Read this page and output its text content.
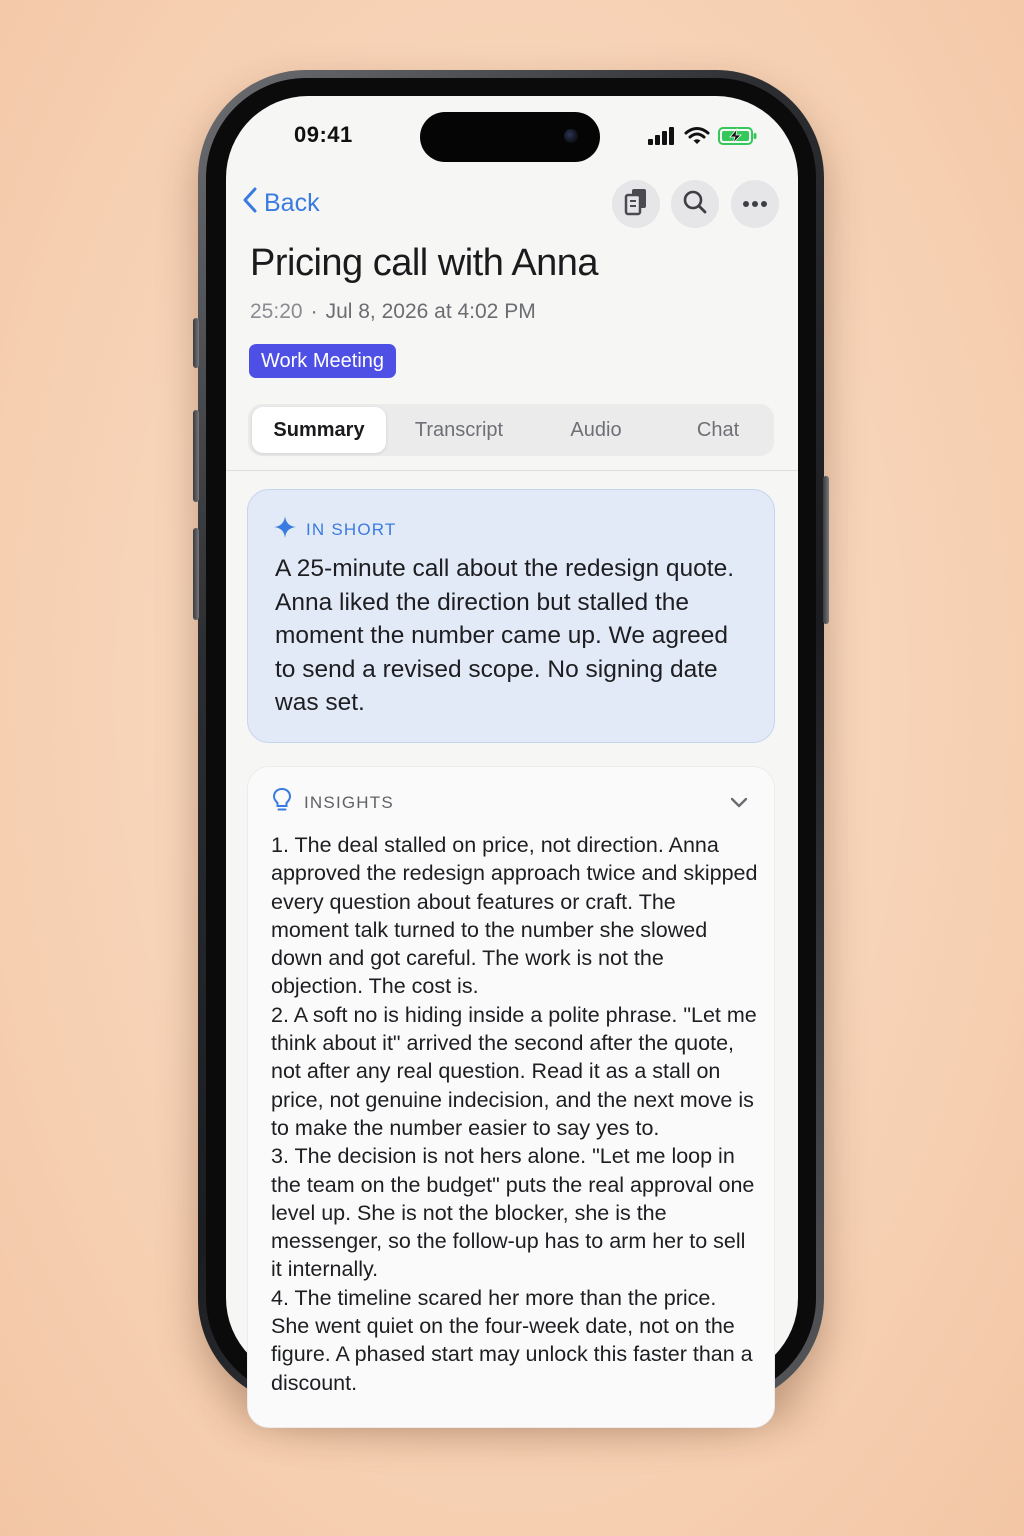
09:41
Back
Pricing call with Anna
25:20 · Jul 8, 2026 at 4:02 PM
Work Meeting
Summary	Transcript	Audio	Chat
IN SHORT
A 25-minute call about the redesign quote. Anna liked the direction but stalled the moment the number came up. We agreed to send a revised scope. No signing date was set.
INSIGHTS

1. The deal stalled on price, not direction. Anna approved the redesign approach twice and skipped every question about features or craft. The moment talk turned to the number she slowed down and got careful. The work is not the objection. The cost is.

2. A soft no is hiding inside a polite phrase. "Let me think about it" arrived the second after the quote, not after any real question. Read it as a stall on price, not genuine indecision, and the next move is to make the number easier to say yes to.

3. The decision is not hers alone. "Let me loop in the team on the budget" puts the real approval one level up. She is not the blocker, she is the messenger, so the follow-up has to arm her to sell it internally.

4. The timeline scared her more than the price. She went quiet on the four-week date, not on the figure. A phased start may unlock this faster than a discount.
